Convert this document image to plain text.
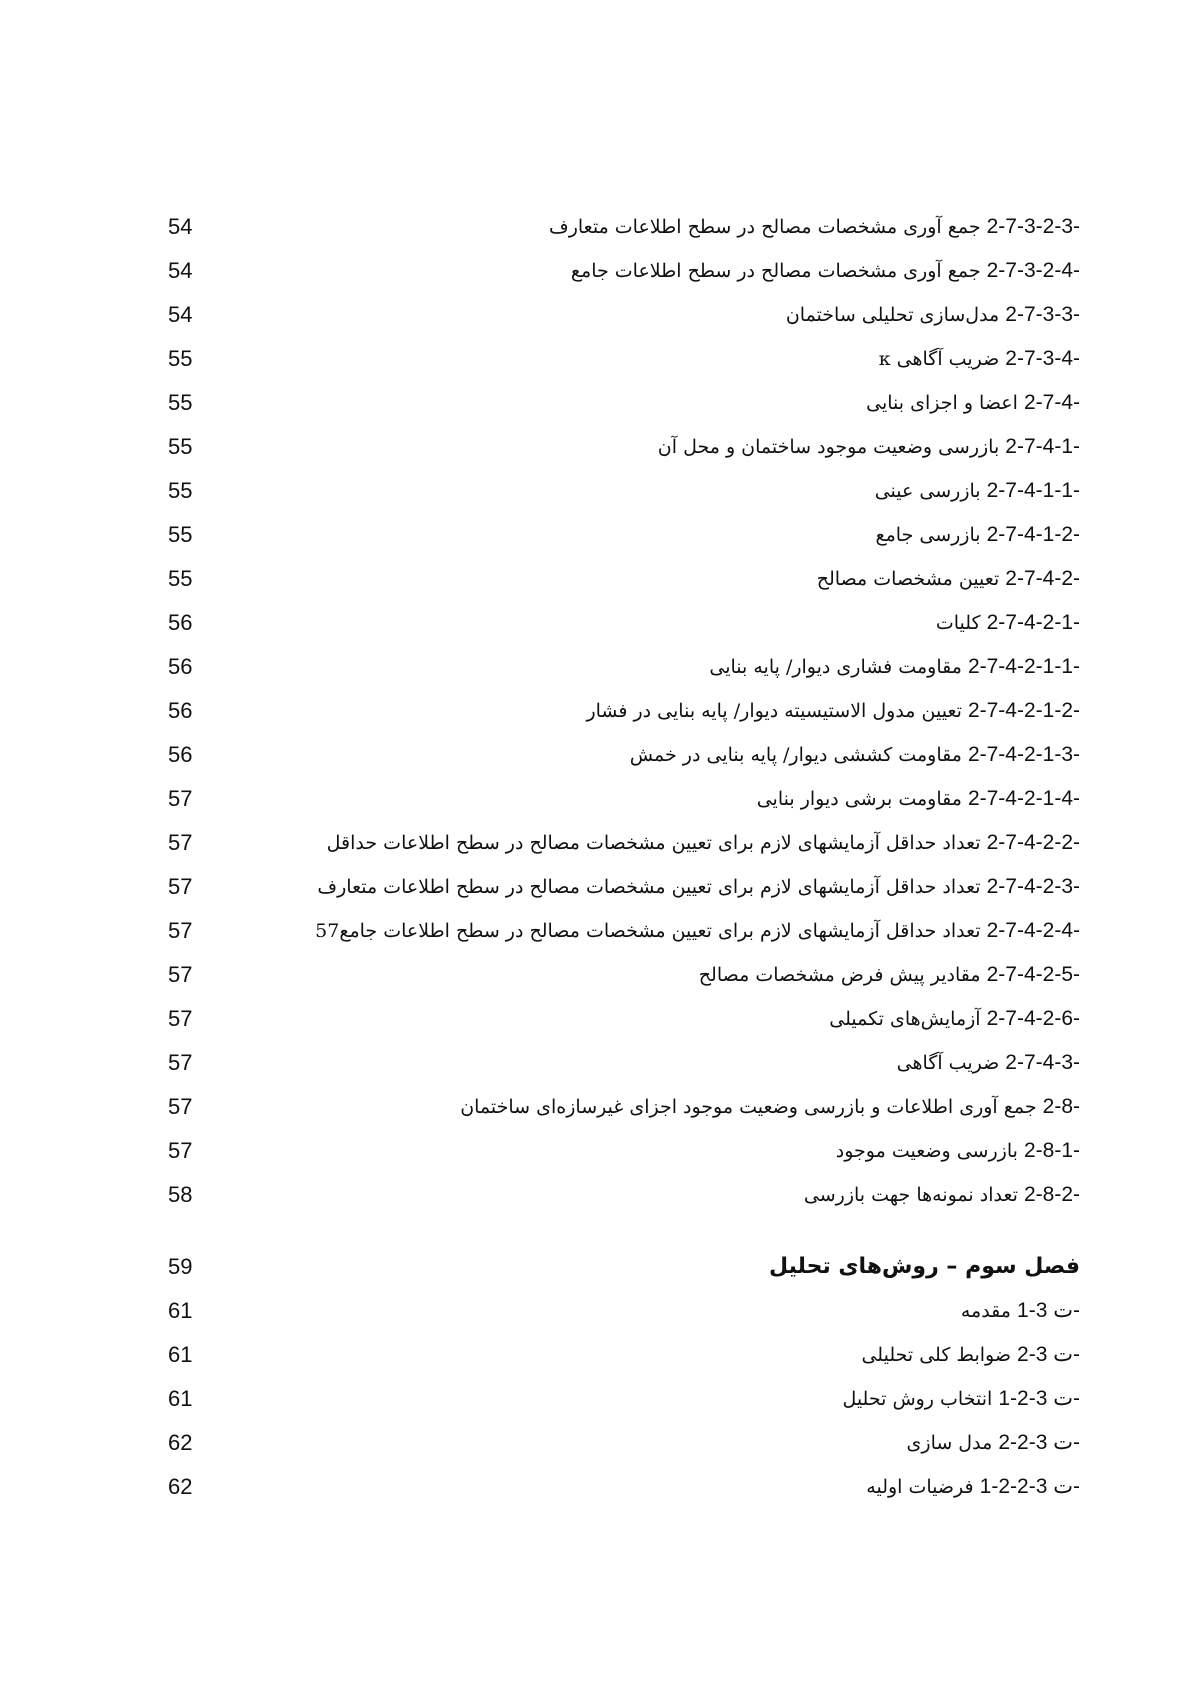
2-7-3-2-3- جمع آوری مشخصات مصالح در سطح اطلاعات متعارف
54
2-7-3-2-4- جمع آوری مشخصات مصالح در سطح اطلاعات جامع
54
2-7-3-3- مدل‌سازی تحلیلی ساختمان
54
2-7-3-4- ضریب آگاهی κ
55
2-7-4- اعضا و اجزای بنایی
55
2-7-4-1- بازرسی وضعیت موجود ساختمان و محل آن
55
2-7-4-1-1- بازرسی عینی
55
2-7-4-1-2- بازرسی جامع
55
2-7-4-2- تعیین مشخصات مصالح
55
2-7-4-2-1- کلیات
56
2-7-4-2-1-1- مقاومت فشاری دیوار/ پایه بنایی
56
2-7-4-2-1-2- تعیین مدول الاستیسیته دیوار/ پایه بنایی در فشار
56
2-7-4-2-1-3- مقاومت کششی دیوار/ پایه بنایی در خمش
56
2-7-4-2-1-4- مقاومت برشی دیوار بنایی
57
2-7-4-2-2- تعداد حداقل آزمایشهای لازم برای تعیین مشخصات مصالح در سطح اطلاعات حداقل
57
2-7-4-2-3- تعداد حداقل آزمایشهای لازم برای تعیین مشخصات مصالح در سطح اطلاعات متعارف
57
2-7-4-2-4- تعداد حداقل آزمایشهای لازم برای تعیین مشخصات مصالح در سطح اطلاعات جامع57
57
2-7-4-2-5- مقادیر پیش فرض مشخصات مصالح
57
2-7-4-2-6- آزمایش‌های تکمیلی
57
2-7-4-3- ضریب آگاهی
57
2-8- جمع آوری اطلاعات و بازرسی وضعیت موجود اجزای غیرسازه‌ای ساختمان
57
2-8-1- بازرسی وضعیت موجود
57
2-8-2- تعداد نمونه‌ها جهت بازرسی
58
فصل سوم – روش‌های تحلیل
59
ت 3-1- مقدمه
61
ت 3-2- ضوابط کلی تحلیلی
61
ت 3-2-1- انتخاب روش تحلیل
61
ت 3-2-2- مدل سازی
62
ت 3-2-2-1- فرضیات اولیه
62
